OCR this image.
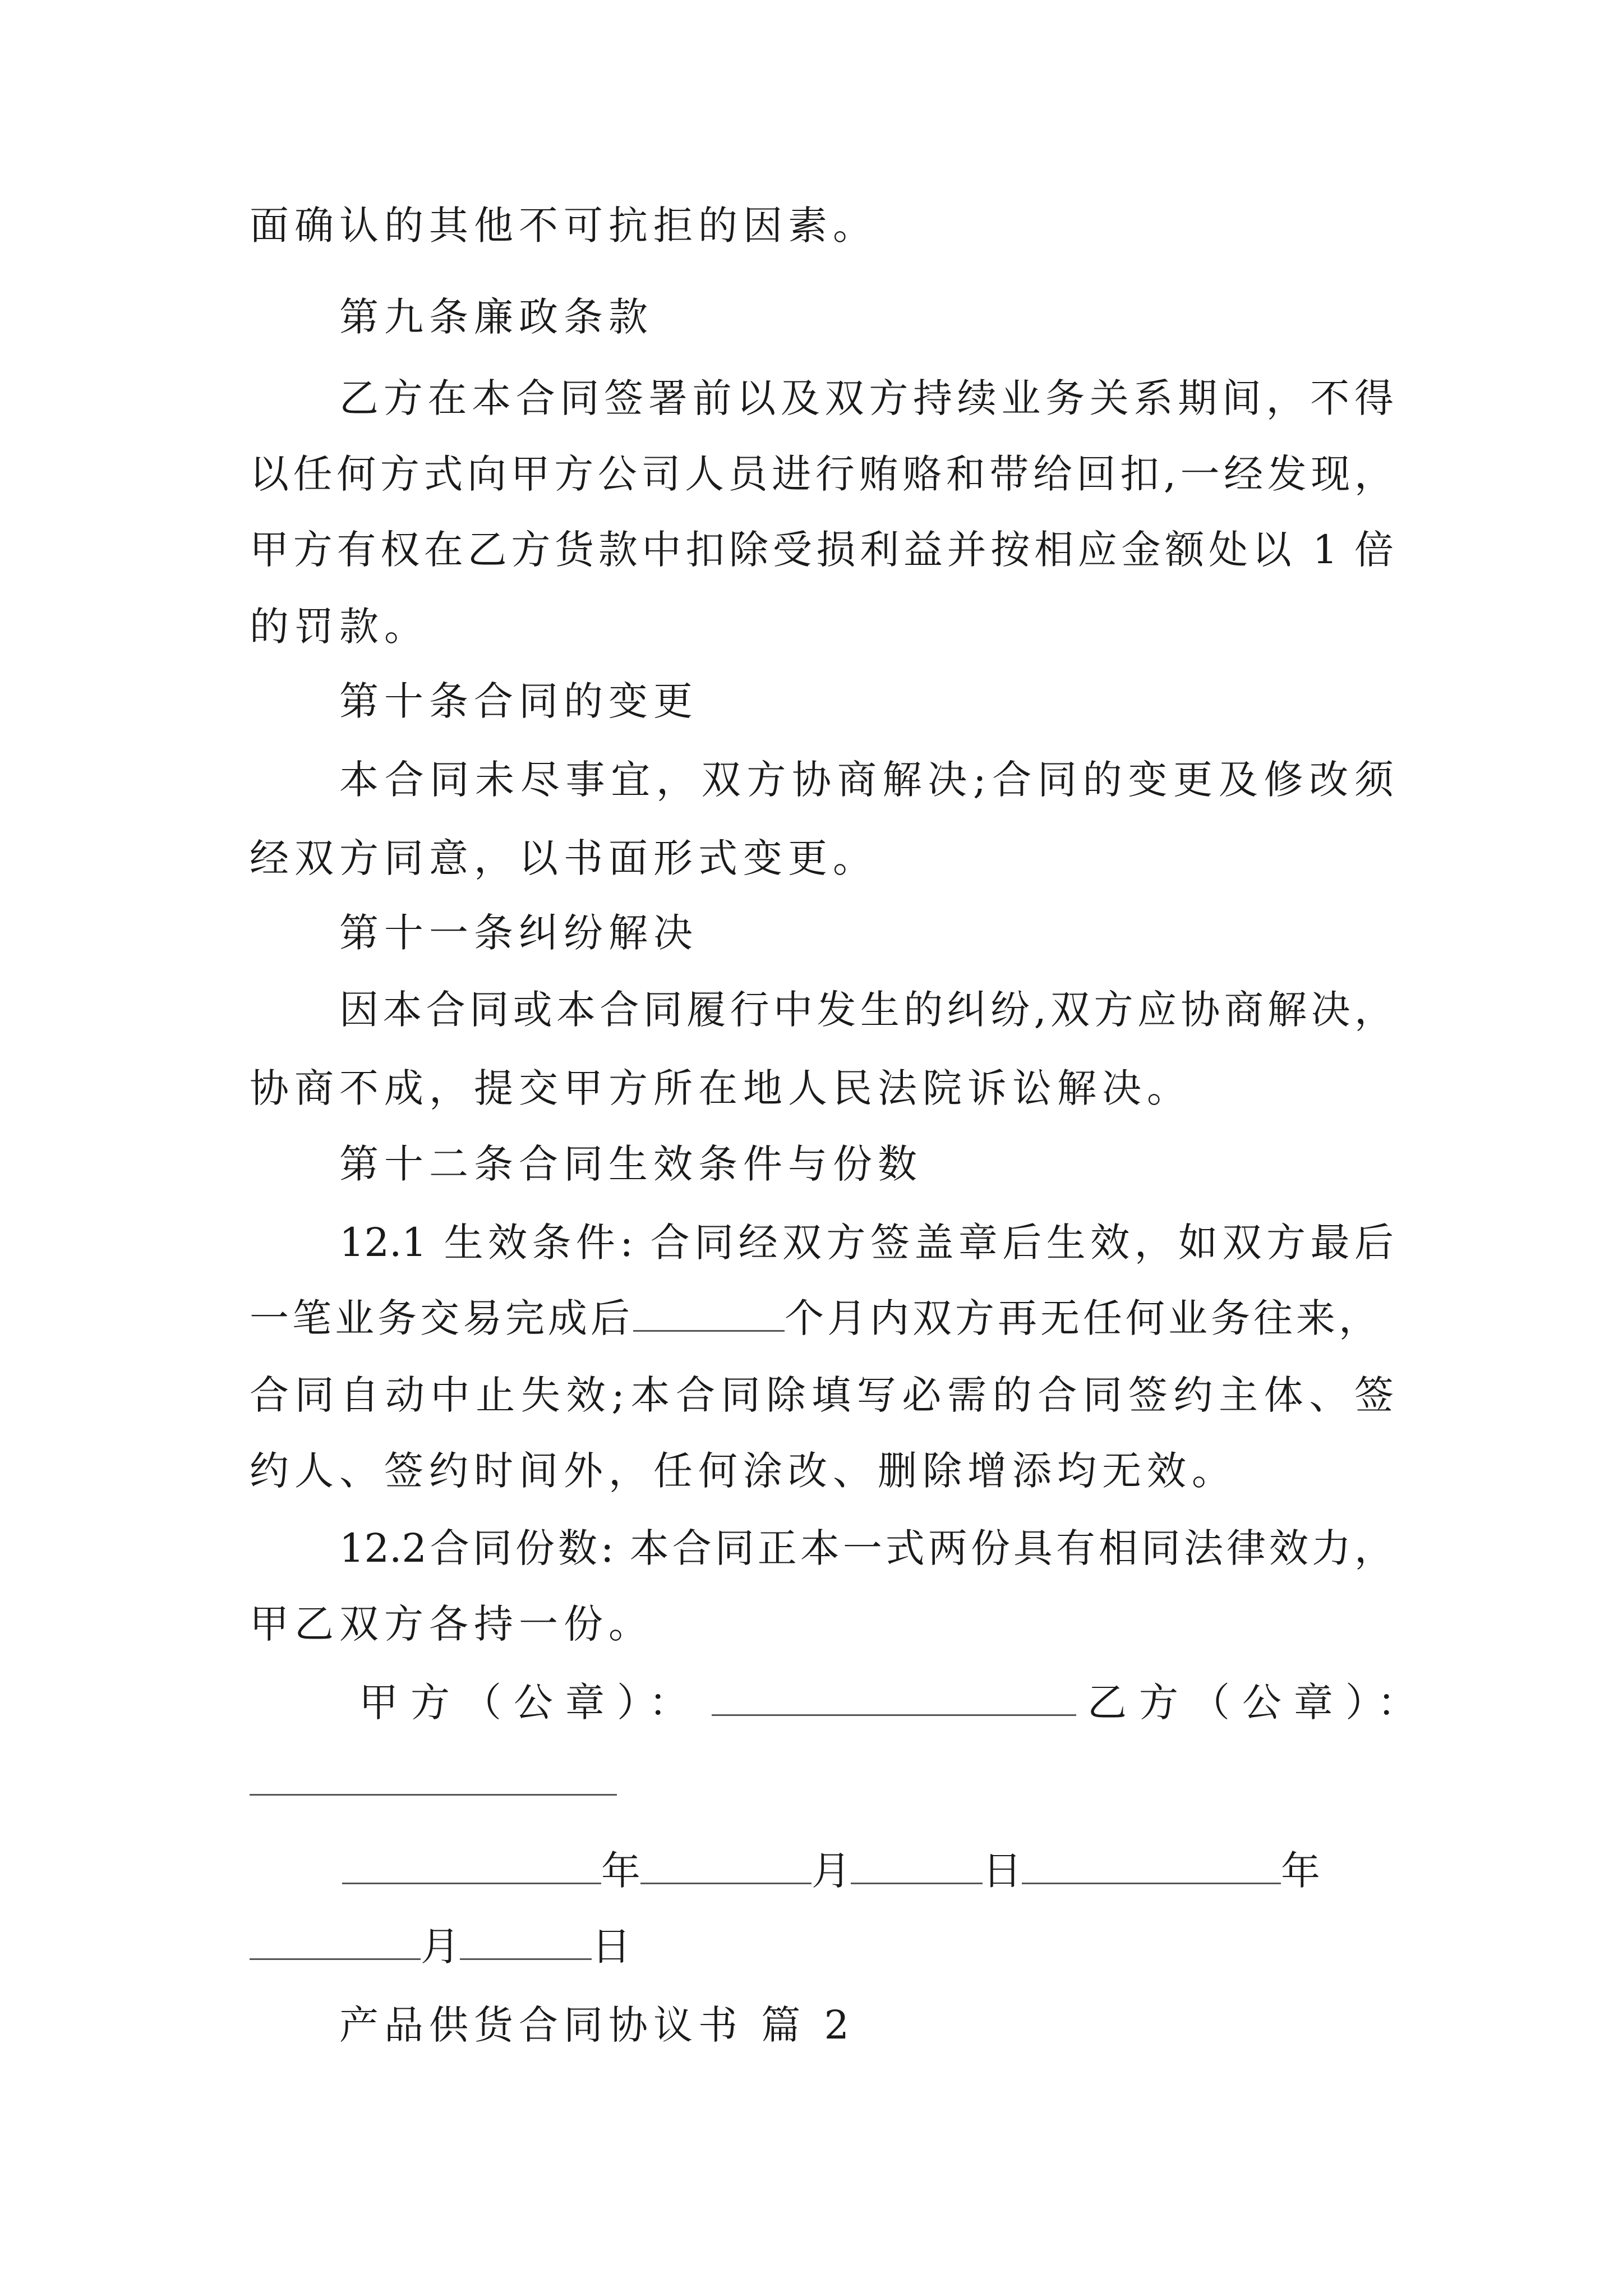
面确认的其他不可抗拒的因素。
第九条廉政条款
乙方在本合同签署前以及双方持续业务关系期间，不得
以任何方式向甲方公司人员进行贿赂和带给回扣,一经发现，
甲方有权在乙方货款中扣除受损利益并按相应金额处以 1 倍
的罚款。
第十条合同的变更
本合同未尽事宜，双方协商解决;合同的变更及修改须
经双方同意，以书面形式变更。
第十一条纠纷解决
因本合同或本合同履行中发生的纠纷,双方应协商解决，
协商不成，提交甲方所在地人民法院诉讼解决。
第十二条合同生效条件与份数
12.1 生效条件: 合同经双方签盖章后生效，如双方最后
一笔业务交易完成后	个月内双方再无任何业务往来，
合同自动中止失效;本合同除填写必需的合同签约主体、签
约人、签约时间外，任何涂改、删除增添均无效。
12.2合同份数: 本合同正本一式两份具有相同法律效力，
甲乙双方各持一份。
甲方（公章）：	乙方（公章）：
年	月	日	年
月	日
产品供货合同协议书 篇 2
